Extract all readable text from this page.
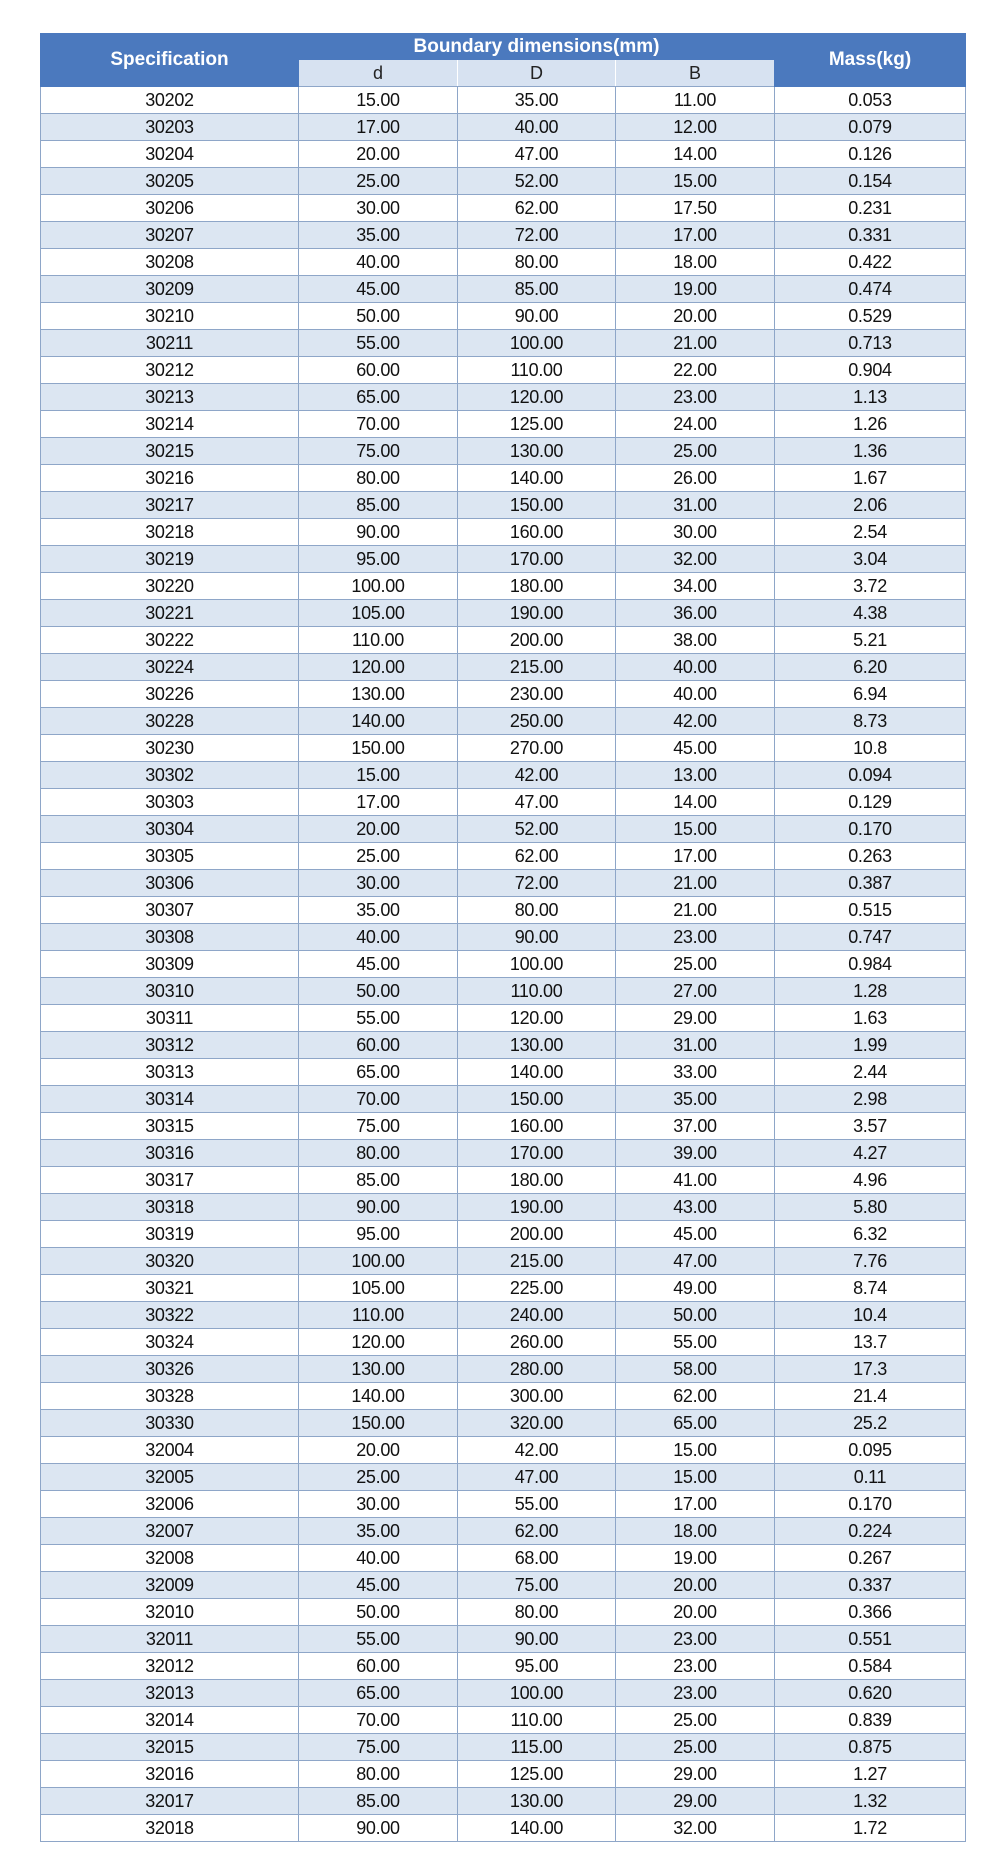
Specification	Boundary dimensions(mm)			Mass(kg)
	d	D	B	
30202	15.00	35.00	11.00	0.053
30203	17.00	40.00	12.00	0.079
30204	20.00	47.00	14.00	0.126
30205	25.00	52.00	15.00	0.154
30206	30.00	62.00	17.50	0.231
30207	35.00	72.00	17.00	0.331
30208	40.00	80.00	18.00	0.422
30209	45.00	85.00	19.00	0.474
30210	50.00	90.00	20.00	0.529
30211	55.00	100.00	21.00	0.713
30212	60.00	110.00	22.00	0.904
30213	65.00	120.00	23.00	1.13
30214	70.00	125.00	24.00	1.26
30215	75.00	130.00	25.00	1.36
30216	80.00	140.00	26.00	1.67
30217	85.00	150.00	31.00	2.06
30218	90.00	160.00	30.00	2.54
30219	95.00	170.00	32.00	3.04
30220	100.00	180.00	34.00	3.72
30221	105.00	190.00	36.00	4.38
30222	110.00	200.00	38.00	5.21
30224	120.00	215.00	40.00	6.20
30226	130.00	230.00	40.00	6.94
30228	140.00	250.00	42.00	8.73
30230	150.00	270.00	45.00	10.8
30302	15.00	42.00	13.00	0.094
30303	17.00	47.00	14.00	0.129
30304	20.00	52.00	15.00	0.170
30305	25.00	62.00	17.00	0.263
30306	30.00	72.00	21.00	0.387
30307	35.00	80.00	21.00	0.515
30308	40.00	90.00	23.00	0.747
30309	45.00	100.00	25.00	0.984
30310	50.00	110.00	27.00	1.28
30311	55.00	120.00	29.00	1.63
30312	60.00	130.00	31.00	1.99
30313	65.00	140.00	33.00	2.44
30314	70.00	150.00	35.00	2.98
30315	75.00	160.00	37.00	3.57
30316	80.00	170.00	39.00	4.27
30317	85.00	180.00	41.00	4.96
30318	90.00	190.00	43.00	5.80
30319	95.00	200.00	45.00	6.32
30320	100.00	215.00	47.00	7.76
30321	105.00	225.00	49.00	8.74
30322	110.00	240.00	50.00	10.4
30324	120.00	260.00	55.00	13.7
30326	130.00	280.00	58.00	17.3
30328	140.00	300.00	62.00	21.4
30330	150.00	320.00	65.00	25.2
32004	20.00	42.00	15.00	0.095
32005	25.00	47.00	15.00	0.11
32006	30.00	55.00	17.00	0.170
32007	35.00	62.00	18.00	0.224
32008	40.00	68.00	19.00	0.267
32009	45.00	75.00	20.00	0.337
32010	50.00	80.00	20.00	0.366
32011	55.00	90.00	23.00	0.551
32012	60.00	95.00	23.00	0.584
32013	65.00	100.00	23.00	0.620
32014	70.00	110.00	25.00	0.839
32015	75.00	115.00	25.00	0.875
32016	80.00	125.00	29.00	1.27
32017	85.00	130.00	29.00	1.32
32018	90.00	140.00	32.00	1.72
